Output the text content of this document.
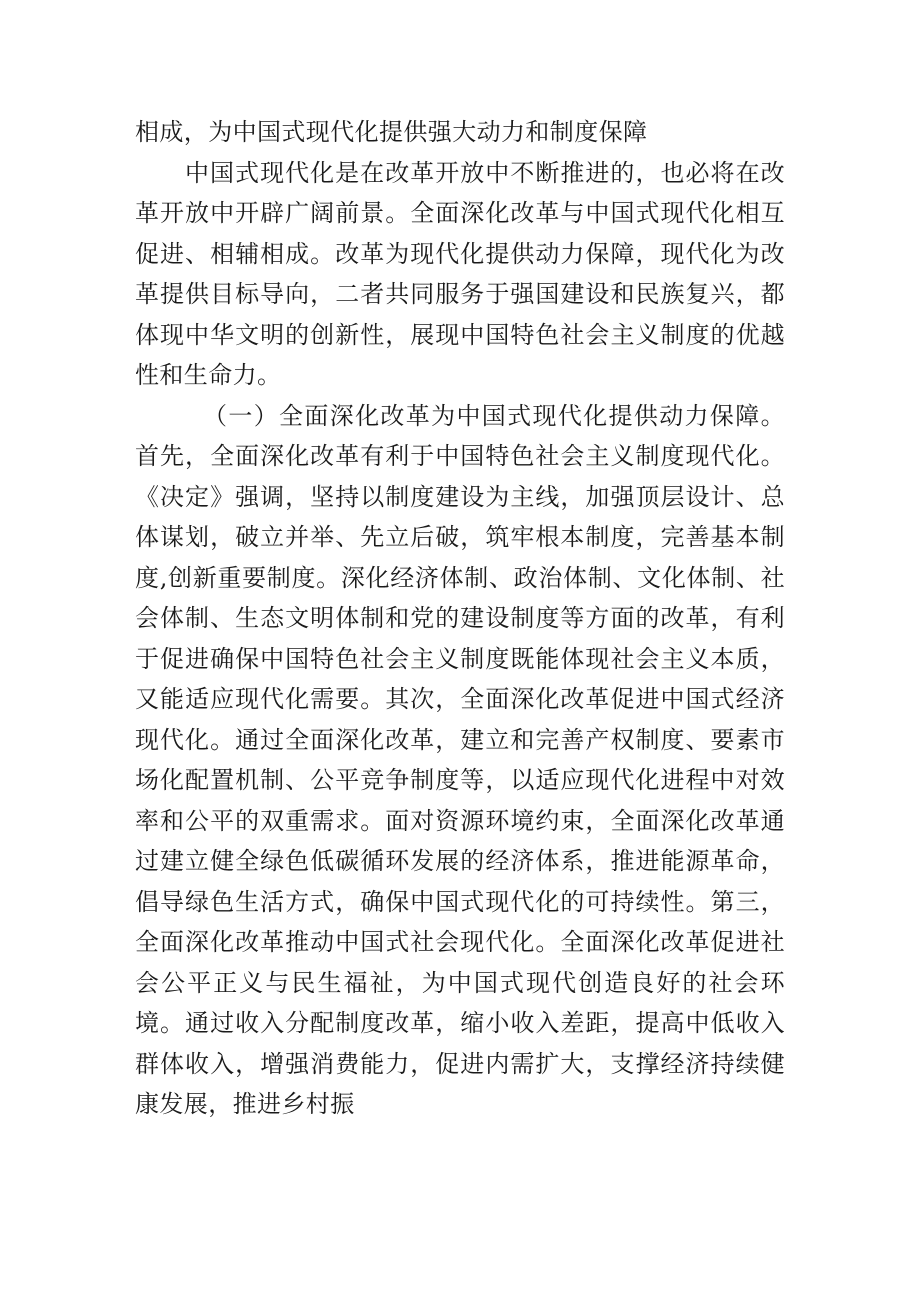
相成，为中国式现代化提供强大动力和制度保障

中国式现代化是在改革开放中不断推进的，也必将在改革开放中开辟广阔前景。全面深化改革与中国式现代化相互促进、相辅相成。改革为现代化提供动力保障，现代化为改革提供目标导向，二者共同服务于强国建设和民族复兴，都体现中华文明的创新性，展现中国特色社会主义制度的优越性和生命力。

（一）全面深化改革为中国式现代化提供动力保障。首先，全面深化改革有利于中国特色社会主义制度现代化。《决定》强调，坚持以制度建设为主线，加强顶层设计、总体谋划，破立并举、先立后破，筑牢根本制度，完善基本制度,创新重要制度。深化经济体制、政治体制、文化体制、社会体制、生态文明体制和党的建设制度等方面的改革，有利于促进确保中国特色社会主义制度既能体现社会主义本质，又能适应现代化需要。其次，全面深化改革促进中国式经济现代化。通过全面深化改革，建立和完善产权制度、要素市场化配置机制、公平竞争制度等，以适应现代化进程中对效率和公平的双重需求。面对资源环境约束，全面深化改革通过建立健全绿色低碳循环发展的经济体系，推进能源革命，倡导绿色生活方式，确保中国式现代化的可持续性。第三，全面深化改革推动中国式社会现代化。全面深化改革促进社会公平正义与民生福祉，为中国式现代创造良好的社会环境。通过收入分配制度改革，缩小收入差距，提高中低收入群体收入，增强消费能力，促进内需扩大，支撑经济持续健康发展，推进乡村振
